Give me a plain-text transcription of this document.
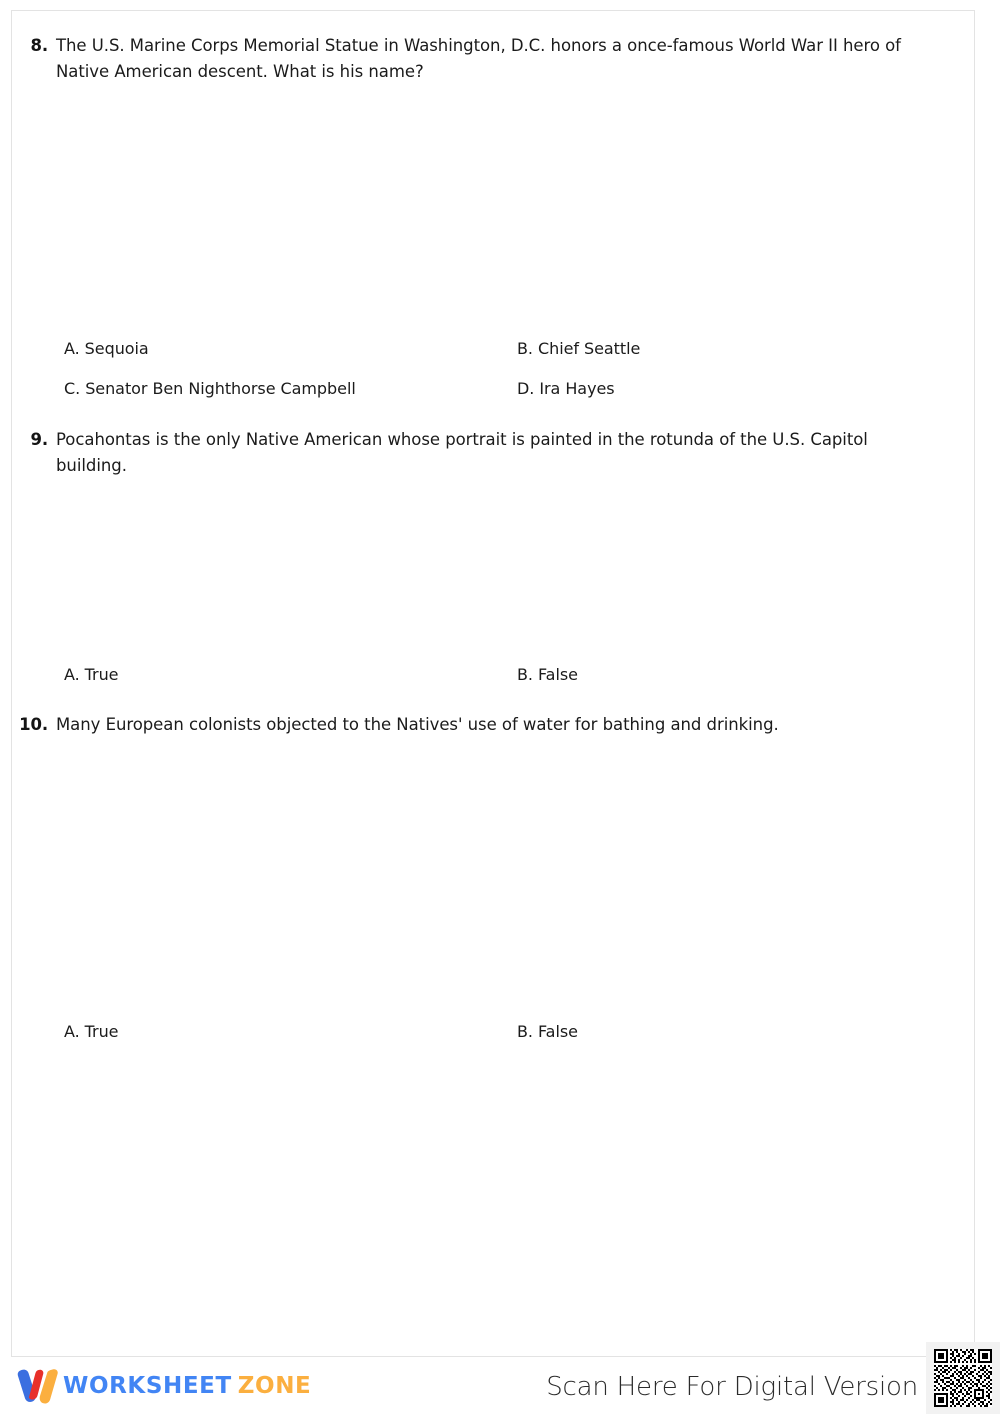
8. The U.S. Marine Corps Memorial Statue in Washington, D.C. honors a once-famous World War II hero of Native American descent. What is his name?
A. Sequoia	B. Chief Seattle
C. Senator Ben Nighthorse Campbell	D. Ira Hayes
9. Pocahontas is the only Native American whose portrait is painted in the rotunda of the U.S. Capitol building.
A. True	B. False
10. Many European colonists objected to the Natives' use of water for bathing and drinking.
A. True	B. False
WORKSHEET ZONE	Scan Here For Digital Version
